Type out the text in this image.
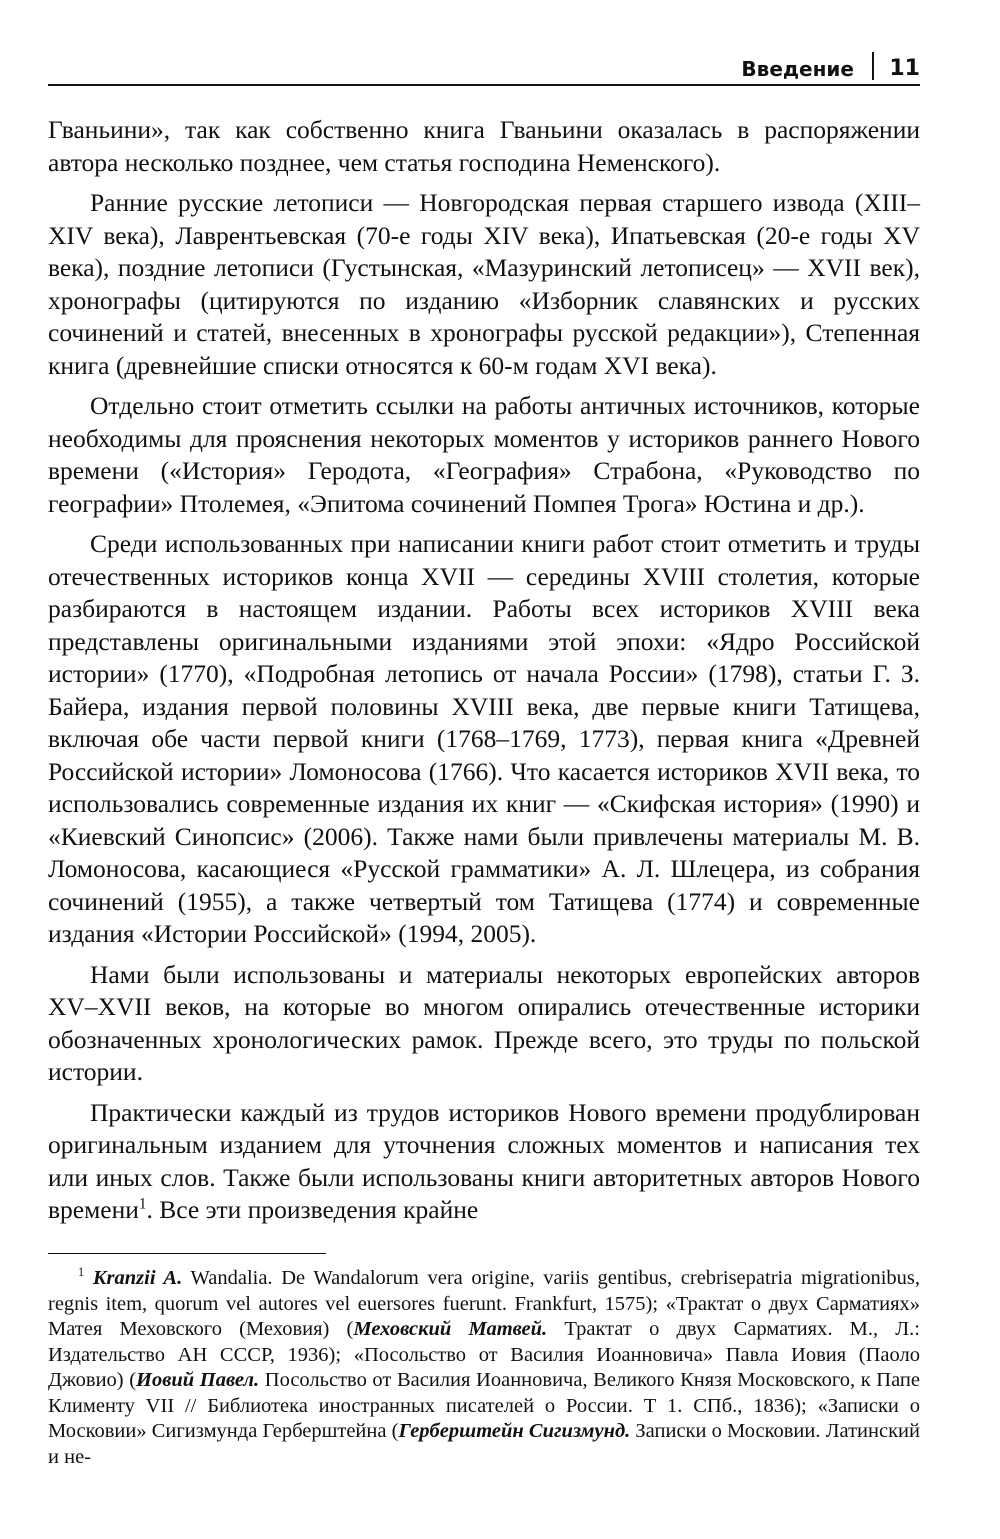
Введение 11

Гваньини», так как собственно книга Гваньини оказалась в распоряжении автора несколько позднее, чем статья господина Неменского).

Ранние русские летописи — Новгородская первая старшего извода (XIII–XIV века), Лаврентьевская (70-е годы XIV века), Ипатьевская (20-е годы XV века), поздние летописи (Густынская, «Мазуринский летописец» — XVII век), хронографы (цитируются по изданию «Изборник славянских и русских сочинений и статей, внесенных в хронографы русской редакции»), Степенная книга (древнейшие списки относятся к 60-м годам XVI века).

Отдельно стоит отметить ссылки на работы античных источников, которые необходимы для прояснения некоторых моментов у историков раннего Нового времени («История» Геродота, «География» Страбона, «Руководство по географии» Птолемея, «Эпитома сочинений Помпея Трога» Юстина и др.).

Среди использованных при написании книги работ стоит отметить и труды отечественных историков конца XVII — середины XVIII столетия, которые разбираются в настоящем издании. Работы всех историков XVIII века представлены оригинальными изданиями этой эпохи: «Ядро Российской истории» (1770), «Подробная летопись от начала России» (1798), статьи Г. З. Байера, издания первой половины XVIII века, две первые книги Татищева, включая обе части первой книги (1768–1769, 1773), первая книга «Древней Российской истории» Ломоносова (1766). Что касается историков XVII века, то использовались современные издания их книг — «Скифская история» (1990) и «Киевский Синопсис» (2006). Также нами были привлечены материалы М. В. Ломоносова, касающиеся «Русской грамматики» А. Л. Шлецера, из собрания сочинений (1955), а также четвертый том Татищева (1774) и современные издания «Истории Российской» (1994, 2005).

Нами были использованы и материалы некоторых европейских авторов XV–XVII веков, на которые во многом опирались отечественные историки обозначенных хронологических рамок. Прежде всего, это труды по польской истории.

Практически каждый из трудов историков Нового времени продублирован оригинальным изданием для уточнения сложных моментов и написания тех или иных слов. Также были использованы книги авторитетных авторов Нового времени$^1$. Все эти произведения крайне

$^1$ Kranzii A. Wandalia. De Wandalorum vera origine, variis gentibus, crebrisepatria migrationibus, regnis item, quorum vel autores vel euersores fuerunt. Frankfurt, 1575); «Трактат о двух Сарматиях» Матея Меховского (Меховия) (Меховский Матвей. Трактат о двух Сарматиях. М., Л.: Издательство АН СССР, 1936); «Посольство от Василия Иоанновича» Павла Иовия (Паоло Джовио) (Иовий Павел. Посольство от Василия Иоанновича, Великого Князя Московского, к Папе Клименту VII // Библиотека иностранных писателей о России. Т 1. СПб., 1836); «Записки о Московии» Сигизмунда Герберштейна (Герберштейн Сигизмунд. Записки о Московии. Латинский и не-
